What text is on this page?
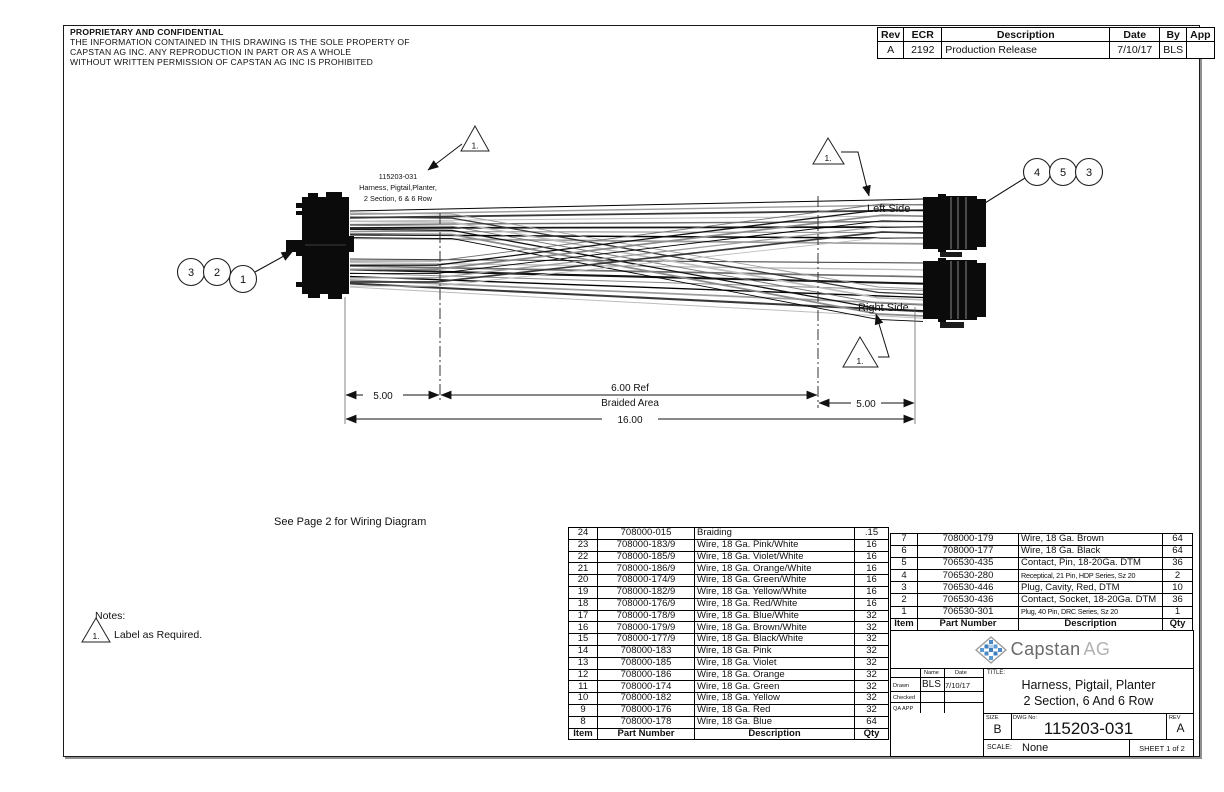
PROPRIETARY AND CONFIDENTIAL
THE INFORMATION CONTAINED IN THIS DRAWING IS THE SOLE PROPERTY OF
CAPSTAN AG INC. ANY REPRODUCTION IN PART OR AS A WHOLE
WITHOUT WRITTEN PERMISSION OF CAPSTAN AG INC IS PROHIBITED
Rev	ECR	Description	Date	By	App
A	2192	Production Release	7/10/17	BLS	
115203-031
Harness, Pigtail,Planter,
2 Section, 6 & 6 Row
Left Side
Right Side
1.
1.
1.
1.
3 2
1
4 5 3
5.00
6.00 Ref
Braided Area	5.00
16.00
See Page 2 for Wiring Diagram
Notes:
Label as Required.
24	708000-015	Braiding	.15
23	708000-183/9	Wire, 18 Ga. Pink/White	16
22	708000-185/9	Wire, 18 Ga. Violet/White	16
21	708000-186/9	Wire, 18 Ga. Orange/White	16
20	708000-174/9	Wire, 18 Ga. Green/White	16
19	708000-182/9	Wire, 18 Ga. Yellow/White	16
18	708000-176/9	Wire, 18 Ga. Red/White	16
17	708000-178/9	Wire, 18 Ga. Blue/White	32
16	708000-179/9	Wire, 18 Ga. Brown/White	32
15	708000-177/9	Wire, 18 Ga. Black/White	32
14	708000-183	Wire, 18 Ga. Pink	32
13	708000-185	Wire, 18 Ga. Violet	32
12	708000-186	Wire, 18 Ga. Orange	32
11	708000-174	Wire, 18 Ga. Green	32
10	708000-182	Wire, 18 Ga. Yellow	32
9	708000-176	Wire, 18 Ga. Red	32
8	708000-178	Wire, 18 Ga. Blue	64
Item	Part Number	Description	Qty
7	708000-179	Wire, 18 Ga. Brown	64
6	708000-177	Wire, 18 Ga. Black	64
5	706530-435	Contact, Pin, 18-20Ga. DTM	36
4	706530-280	Receptical, 21 Pin, HDP Series, Sz 20	2
3	706530-446	Plug, Cavity, Red, DTM	10
2	706530-436	Contact, Socket, 18-20Ga. DTM	36
1	706530-301	Plug, 40 Pin, DRC Series, Sz 20	1
Item	Part Number	Description	Qty
Capstan AG
Name	Date
Drawn BLS 7/10/17
Checked
QA APP
TITLE:
Harness, Pigtail, Planter
2 Section, 6 And 6 Row
SIZE
B
DWG No:
115203-031
REV
A
SCALE: None	SHEET 1 of 2
